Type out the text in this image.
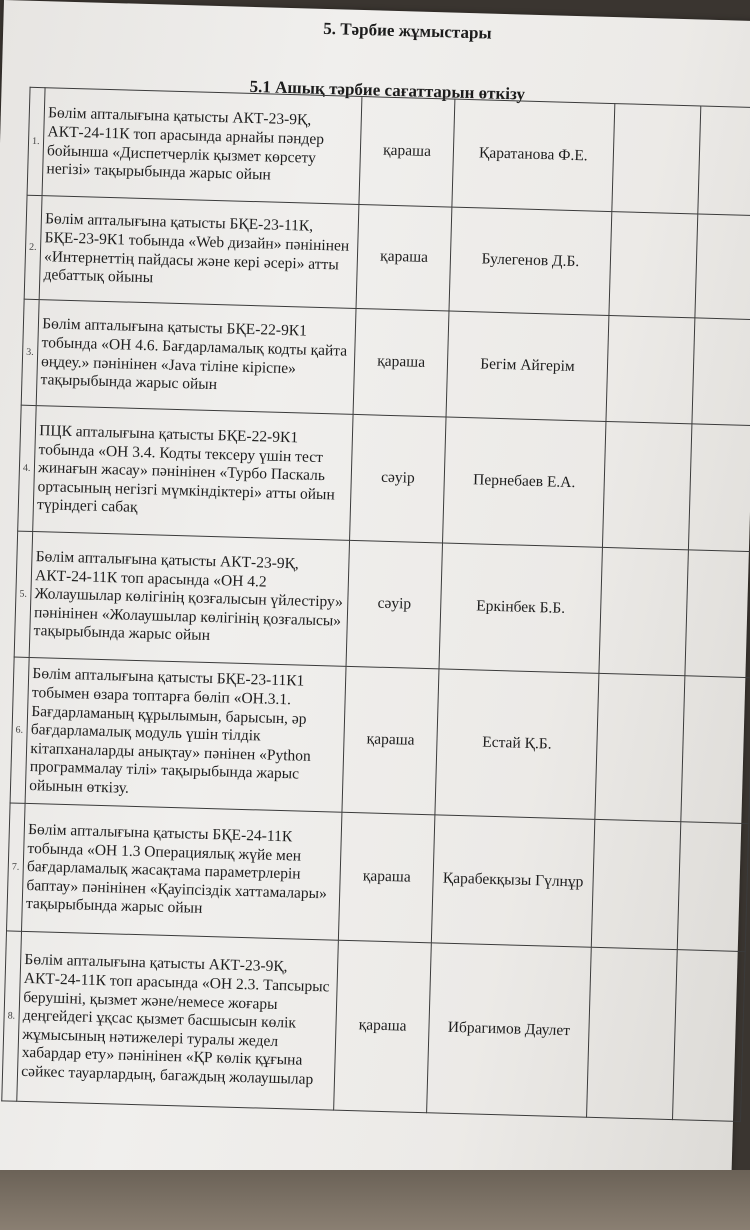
5. Тәрбие жұмыстары
5.1 Ашық тәрбие сағаттарын өткізу
1.	Бөлім апталығына қатысты АКТ-23-9Қ, АКТ-24-11К топ арасында арнайы пәндер бойынша «Диспетчерлік қызмет көрсету негізі» тақырыбында жарыс ойын	қараша	Қаратанова Ф.Е.		
2.	Бөлім апталығына қатысты БҚЕ-23-11К, БҚЕ-23-9К1 тобында «Web дизайн» пәнінінен «Интернеттің пайдасы және кері әсері» атты дебаттық ойыны	қараша	Булегенов Д.Б.		
3.	Бөлім апталығына қатысты БҚЕ-22-9К1 тобында «ОН 4.6. Бағдарламалық кодты қайта өңдеу.» пәнінінен «Java тіліне кіріспе» тақырыбында жарыс ойын	қараша	Бегім Айгерім		
4.	ПЦК апталығына қатысты БҚЕ-22-9К1 тобында «ОН 3.4. Кодты тексеру үшін тест жинағын жасау» пәнінінен «Турбо Паскаль ортасының негізгі мүмкіндіктері» атты ойын түріндегі сабақ	сәуір	Пернебаев Е.А.		
5.	Бөлім апталығына қатысты АКТ-23-9Қ, АКТ-24-11К топ арасында «ОН 4.2 Жолаушылар көлігінің қозғалысын үйлестіру» пәнінінен «Жолаушылар көлігінің қозғалысы» тақырыбында жарыс ойын	сәуір	Еркінбек Б.Б.		
6.	Бөлім апталығына қатысты БҚЕ-23-11К1 тобымен өзара топтарға бөліп «ОН.3.1. Бағдарламаның құрылымын, барысын, әр бағдарламалық модуль үшін тілдік кітапханаларды анықтау» пәнінен «Python программалау тілі» тақырыбында жарыс ойынын өткізу.	қараша	Естай Қ.Б.		
7.	Бөлім апталығына қатысты БҚЕ-24-11К тобында «ОН 1.3 Операциялық жүйе мен бағдарламалық жасақтама параметрлерін баптау» пәнінінен «Қауіпсіздік хаттамалары» тақырыбында жарыс ойын	қараша	Қарабекқызы Гүлнұр		
8.	Бөлім апталығына қатысты АКТ-23-9Қ, АКТ-24-11К топ арасында «ОН 2.3. Тапсырыс берушіні, қызмет және/немесе жоғары деңгейдегі ұқсас қызмет басшысын көлік жұмысының нәтижелері туралы жедел хабардар ету» пәнінінен «ҚР көлік құғына сәйкес тауарлардың, багаждың жолаушылар	қараша	Ибрагимов Даулет		
